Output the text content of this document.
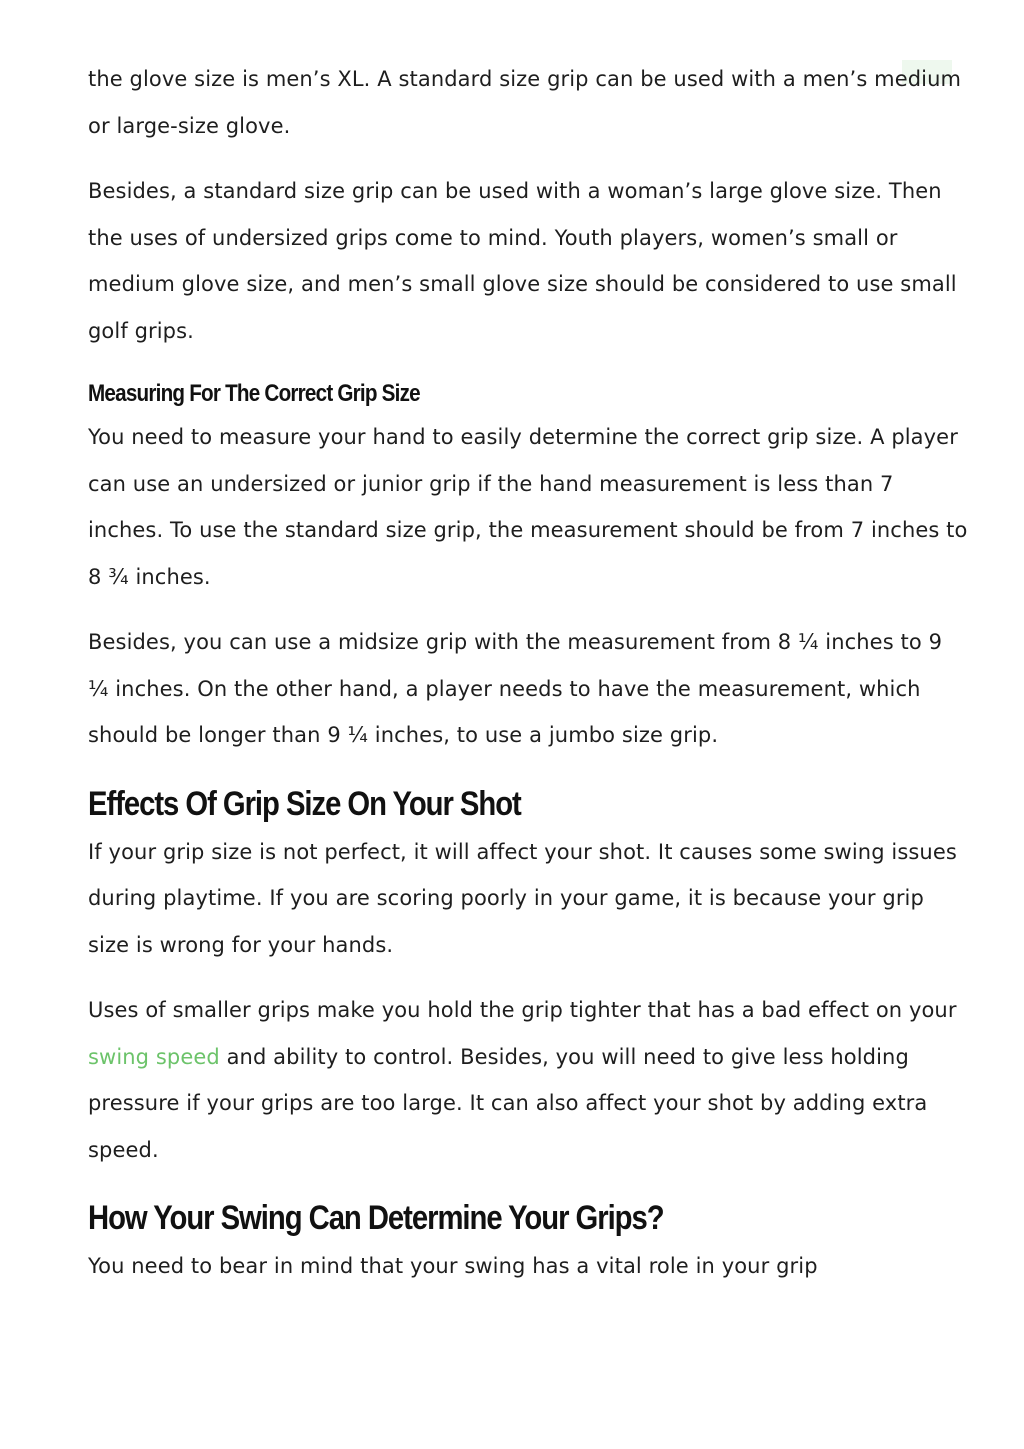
the glove size is men’s XL. A standard size grip can be used with a men’s medium or large-size glove.

Besides, a standard size grip can be used with a woman’s large glove size. Then the uses of undersized grips come to mind. Youth players, women’s small or medium glove size, and men’s small glove size should be considered to use small golf grips.

Measuring For The Correct Grip Size

You need to measure your hand to easily determine the correct grip size. A player can use an undersized or junior grip if the hand measurement is less than 7 inches. To use the standard size grip, the measurement should be from 7 inches to 8 ¾ inches.

Besides, you can use a midsize grip with the measurement from 8 ¼ inches to 9 ¼ inches. On the other hand, a player needs to have the measurement, which should be longer than 9 ¼ inches, to use a jumbo size grip.

Effects Of Grip Size On Your Shot

If your grip size is not perfect, it will affect your shot. It causes some swing issues during playtime. If you are scoring poorly in your game, it is because your grip size is wrong for your hands.

Uses of smaller grips make you hold the grip tighter that has a bad effect on your swing speed and ability to control. Besides, you will need to give less holding pressure if your grips are too large. It can also affect your shot by adding extra speed.

How Your Swing Can Determine Your Grips?

You need to bear in mind that your swing has a vital role in your grip
